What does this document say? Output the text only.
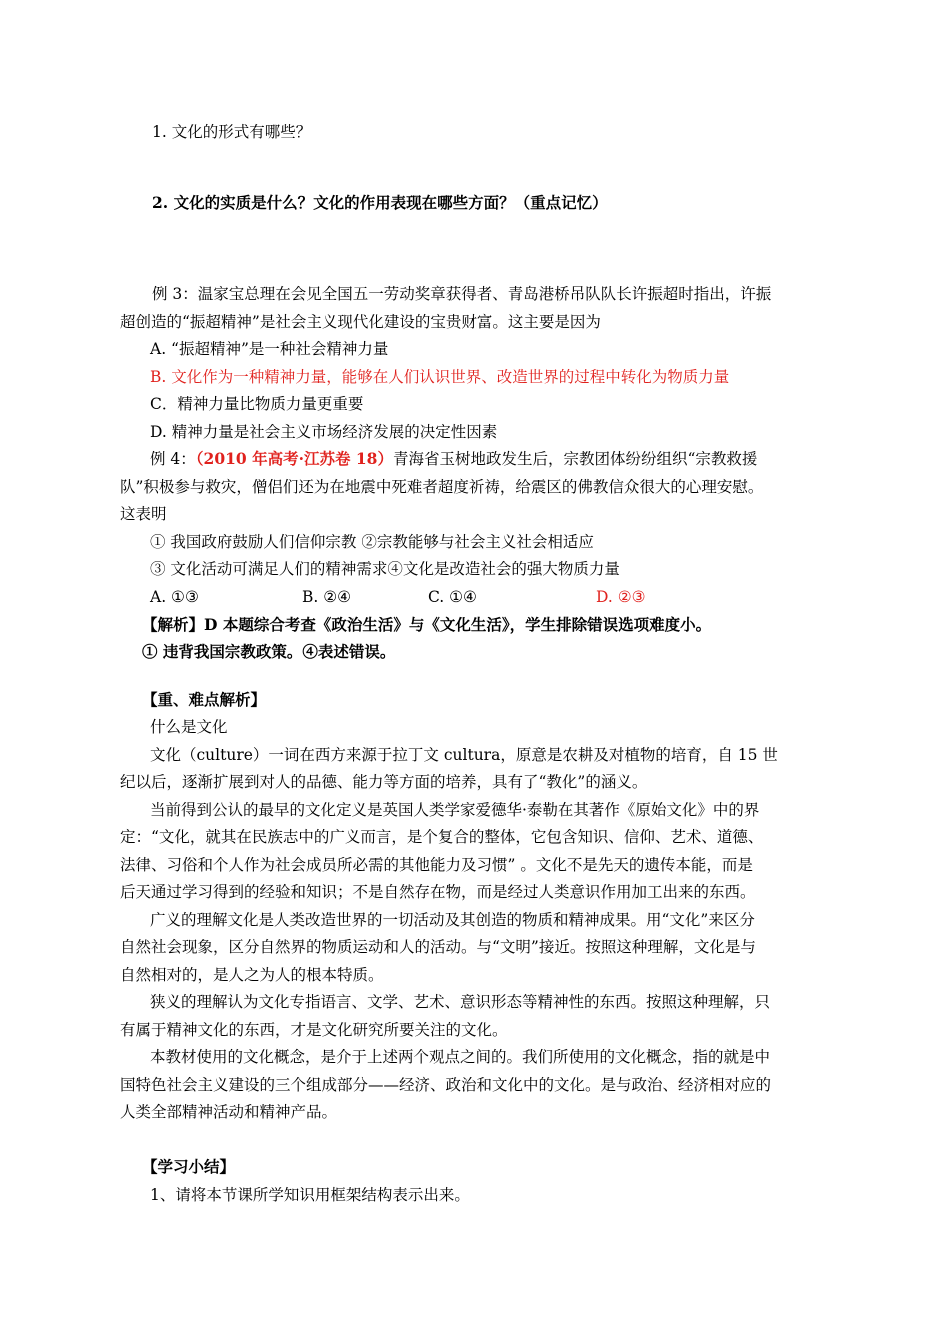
1. 文化的形式有哪些？
2. 文化的实质是什么？文化的作用表现在哪些方面？（重点记忆）
例 3：温家宝总理在会见全国五一劳动奖章获得者、青岛港桥吊队队长许振超时指出，许振
超创造的“振超精神”是社会主义现代化建设的宝贵财富。这主要是因为
A. “振超精神”是一种社会精神力量
B. 文化作为一种精神力量，能够在人们认识世界、改造世界的过程中转化为物质力量
C．精神力量比物质力量更重要
D. 精神力量是社会主义市场经济发展的决定性因素
例 4：（2010 年高考·江苏卷 18）青海省玉树地政发生后，宗教团体纷纷组织“宗教救援
队”积极参与救灾，僧侣们还为在地震中死难者超度祈祷，给震区的佛教信众很大的心理安慰。
这表明
① 我国政府鼓励人们信仰宗教 ②宗教能够与社会主义社会相适应
③ 文化活动可满足人们的精神需求④文化是改造社会的强大物质力量
A. ①③	B. ②④	C. ①④	D. ②③
【解析】D 本题综合考查《政治生活》与《文化生活》，学生排除错误选项难度小。
① 违背我国宗教政策。④表述错误。
【重、难点解析】
什么是文化
文化（culture）一词在西方来源于拉丁文 cultura，原意是农耕及对植物的培育，自 15 世
纪以后，逐渐扩展到对人的品德、能力等方面的培养，具有了“教化”的涵义。
当前得到公认的最早的文化定义是英国人类学家爱德华·泰勒在其著作《原始文化》中的界
定：“文化，就其在民族志中的广义而言，是个复合的整体，它包含知识、信仰、艺术、道德、
法律、习俗和个人作为社会成员所必需的其他能力及习惯” 。文化不是先天的遗传本能，而是
后天通过学习得到的经验和知识；不是自然存在物，而是经过人类意识作用加工出来的东西。
广义的理解文化是人类改造世界的一切活动及其创造的物质和精神成果。用“文化”来区分
自然社会现象，区分自然界的物质运动和人的活动。与“文明”接近。按照这种理解，文化是与
自然相对的，是人之为人的根本特质。
狭义的理解认为文化专指语言、文学、艺术、意识形态等精神性的东西。按照这种理解，只
有属于精神文化的东西，才是文化研究所要关注的文化。
本教材使用的文化概念，是介于上述两个观点之间的。我们所使用的文化概念，指的就是中
国特色社会主义建设的三个组成部分——经济、政治和文化中的文化。是与政治、经济相对应的
人类全部精神活动和精神产品。
【学习小结】
1、请将本节课所学知识用框架结构表示出来。
